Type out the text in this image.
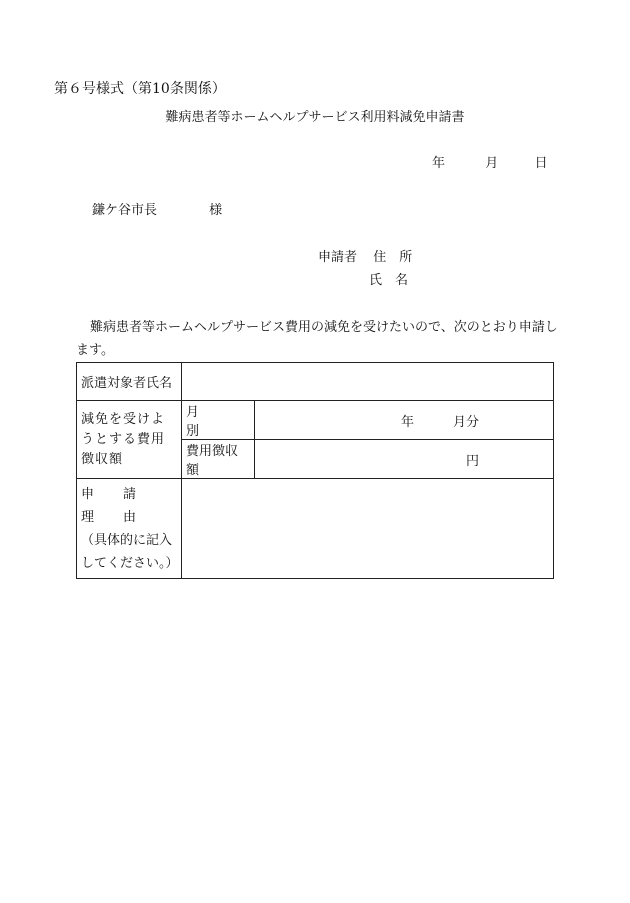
第６号様式（第10条関係）
難病患者等ホームヘルプサービス利用料減免申請書
年	月	日
鎌ケ谷市長	様
申請者 住　所
氏　名
難病患者等ホームヘルプサービス費用の減免を受けたいので、次のとおり申請します。
派遣対象者氏名		
減免を受けようとする費用徴収額	月　　　別	年　　　月分
	費用徴収額	円

申　請　理　由
（具体的に記入してください。）		
